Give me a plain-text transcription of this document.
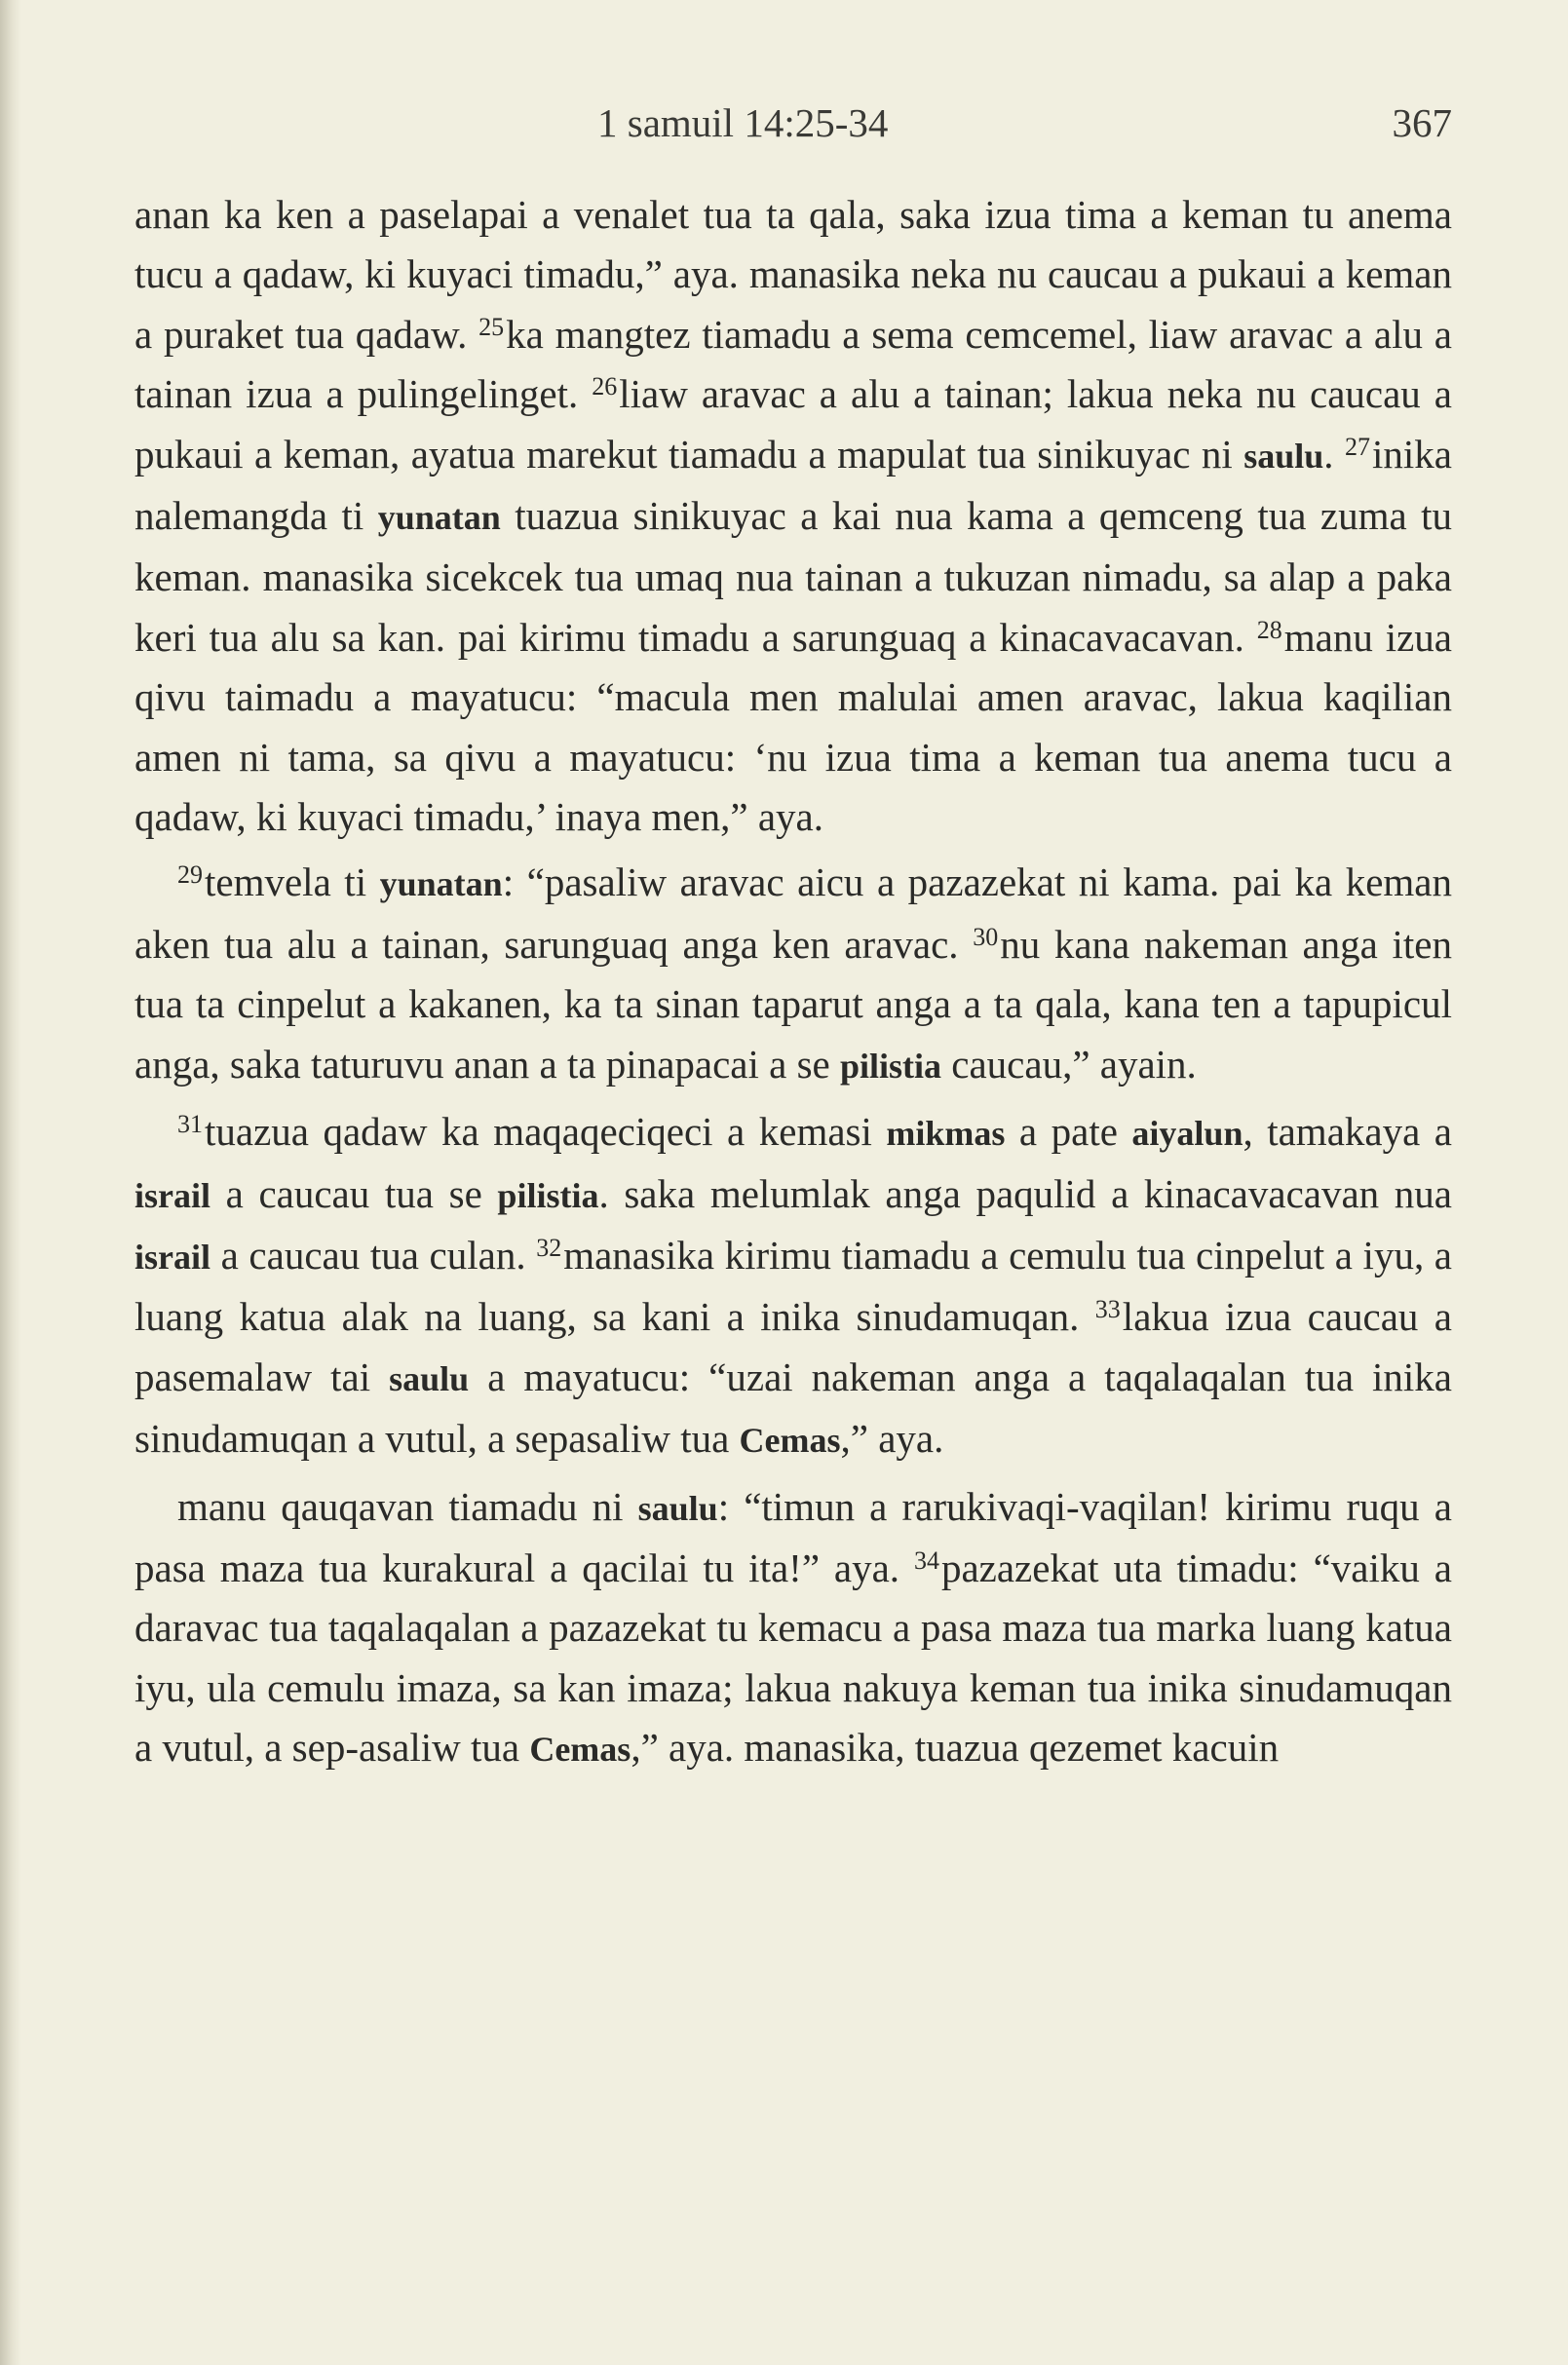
1 samuil 14:25-34	367

anan ka ken a paselapai a venalet tua ta qala, saka izua tima a keman tu anema tucu a qadaw, ki kuyaci timadu,” aya. manasika neka nu caucau a pukaui a keman a puraket tua qadaw. $^{25}$ka mangtez tiamadu a sema cemcemel, liaw aravac a alu a tainan izua a pulingelinget. $^{26}$liaw aravac a alu a tainan; lakua neka nu caucau a pukaui a keman, ayatua marekut tiamadu a mapulat tua sinikuyac ni saulu. $^{27}$inika nalemangda ti yunatan tuazua sinikuyac a kai nua kama a qemceng tua zuma tu keman. manasika sicekcek tua umaq nua tainan a tukuzan nimadu, sa alap a paka keri tua alu sa kan. pai kirimu timadu a sarunguaq a kinacavacavan. $^{28}$manu izua qivu taimadu a mayatucu: “macula men malulai amen aravac, lakua kaqilian amen ni tama, sa qivu a mayatucu: ‘nu izua tima a keman tua anema tucu a qadaw, ki kuyaci timadu,’ inaya men,” aya.

$^{29}$temvela ti yunatan: “pasaliw aravac aicu a pazazekat ni kama. pai ka keman aken tua alu a tainan, sarunguaq anga ken aravac. $^{30}$nu kana nakeman anga iten tua ta cinpelut a kakanen, ka ta sinan taparut anga a ta qala, kana ten a tapupicul anga, saka taturuvu anan a ta pinapacai a se pilistia caucau,” ayain.

$^{31}$tuazua qadaw ka maqaqeciqeci a kemasi mikmas a pate aiyalun, tamakaya a israil a caucau tua se pilistia. saka melumlak anga paqulid a kinacavacavan nua israil a caucau tua culan. $^{32}$manasika kirimu tiamadu a cemulu tua cinpelut a iyu, a luang katua alak na luang, sa kani a inika sinudamuqan. $^{33}$lakua izua caucau a pasemalaw tai saulu a mayatucu: “uzai nakeman anga a taqalaqalan tua inika sinudamuqan a vutul, a sepasaliw tua Cemas,” aya.

manu qauqavan tiamadu ni saulu: “timun a rarukivaqi-vaqilan! kirimu ruqu a pasa maza tua kurakural a qacilai tu ita!” aya. $^{34}$pazazekat uta timadu: “vaiku a daravac tua taqalaqalan a pazazekat tu kemacu a pasa maza tua marka luang katua iyu, ula cemulu imaza, sa kan imaza; lakua nakuya keman tua inika sinudamuqan a vutul, a sep-asaliw tua Cemas,” aya. manasika, tuazua qezemet kacuin
